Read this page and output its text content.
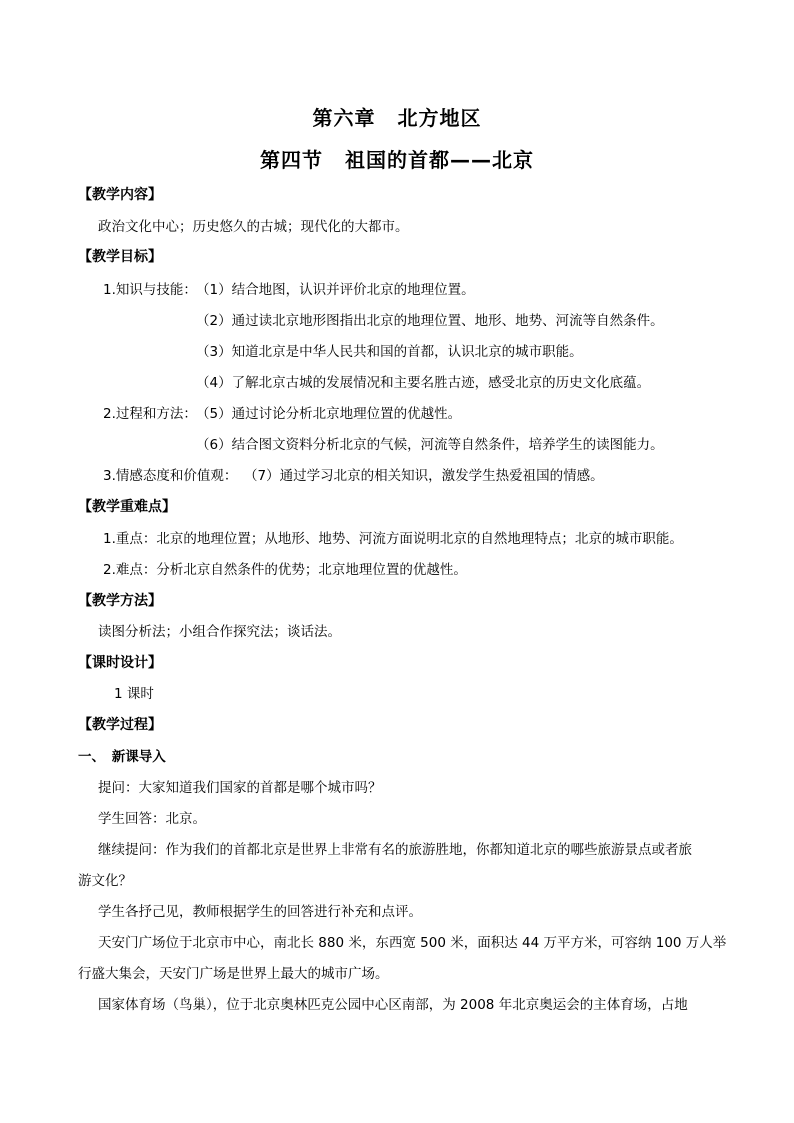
第六章 北方地区
第四节 祖国的首都——北京
【教学内容】
政治文化中心；历史悠久的古城；现代化的大都市。
【教学目标】
1.知识与技能： （1）结合地图，认识并评价北京的地理位置。
（2）通过读北京地形图指出北京的地理位置、地形、地势、河流等自然条件。
（3）知道北京是中华人民共和国的首都，认识北京的城市职能。
（4）了解北京古城的发展情况和主要名胜古迹，感受北京的历史文化底蕴。
2.过程和方法： （5）通过讨论分析北京地理位置的优越性。
（6）结合图文资料分析北京的气候，河流等自然条件，培养学生的读图能力。
3.情感态度和价值观： （7）通过学习北京的相关知识，激发学生热爱祖国的情感。
【教学重难点】
1.重点：北京的地理位置；从地形、地势、河流方面说明北京的自然地理特点；北京的城市职能。
2.难点：分析北京自然条件的优势；北京地理位置的优越性。
【教学方法】
读图分析法；小组合作探究法；谈话法。
【课时设计】
1 课时
【教学过程】
一、　新课导入
提问：大家知道我们国家的首都是哪个城市吗？
学生回答：北京。
继续提问：作为我们的首都北京是世界上非常有名的旅游胜地，你都知道北京的哪些旅游景点或者旅
游文化？
学生各抒己见，教师根据学生的回答进行补充和点评。
天安门广场位于北京市中心，南北长 880 米，东西宽 500 米，面积达 44 万平方米，可容纳 100 万人举
行盛大集会，天安门广场是世界上最大的城市广场。
国家体育场（鸟巢），位于北京奥林匹克公园中心区南部，为 2008 年北京奥运会的主体育场，占地
